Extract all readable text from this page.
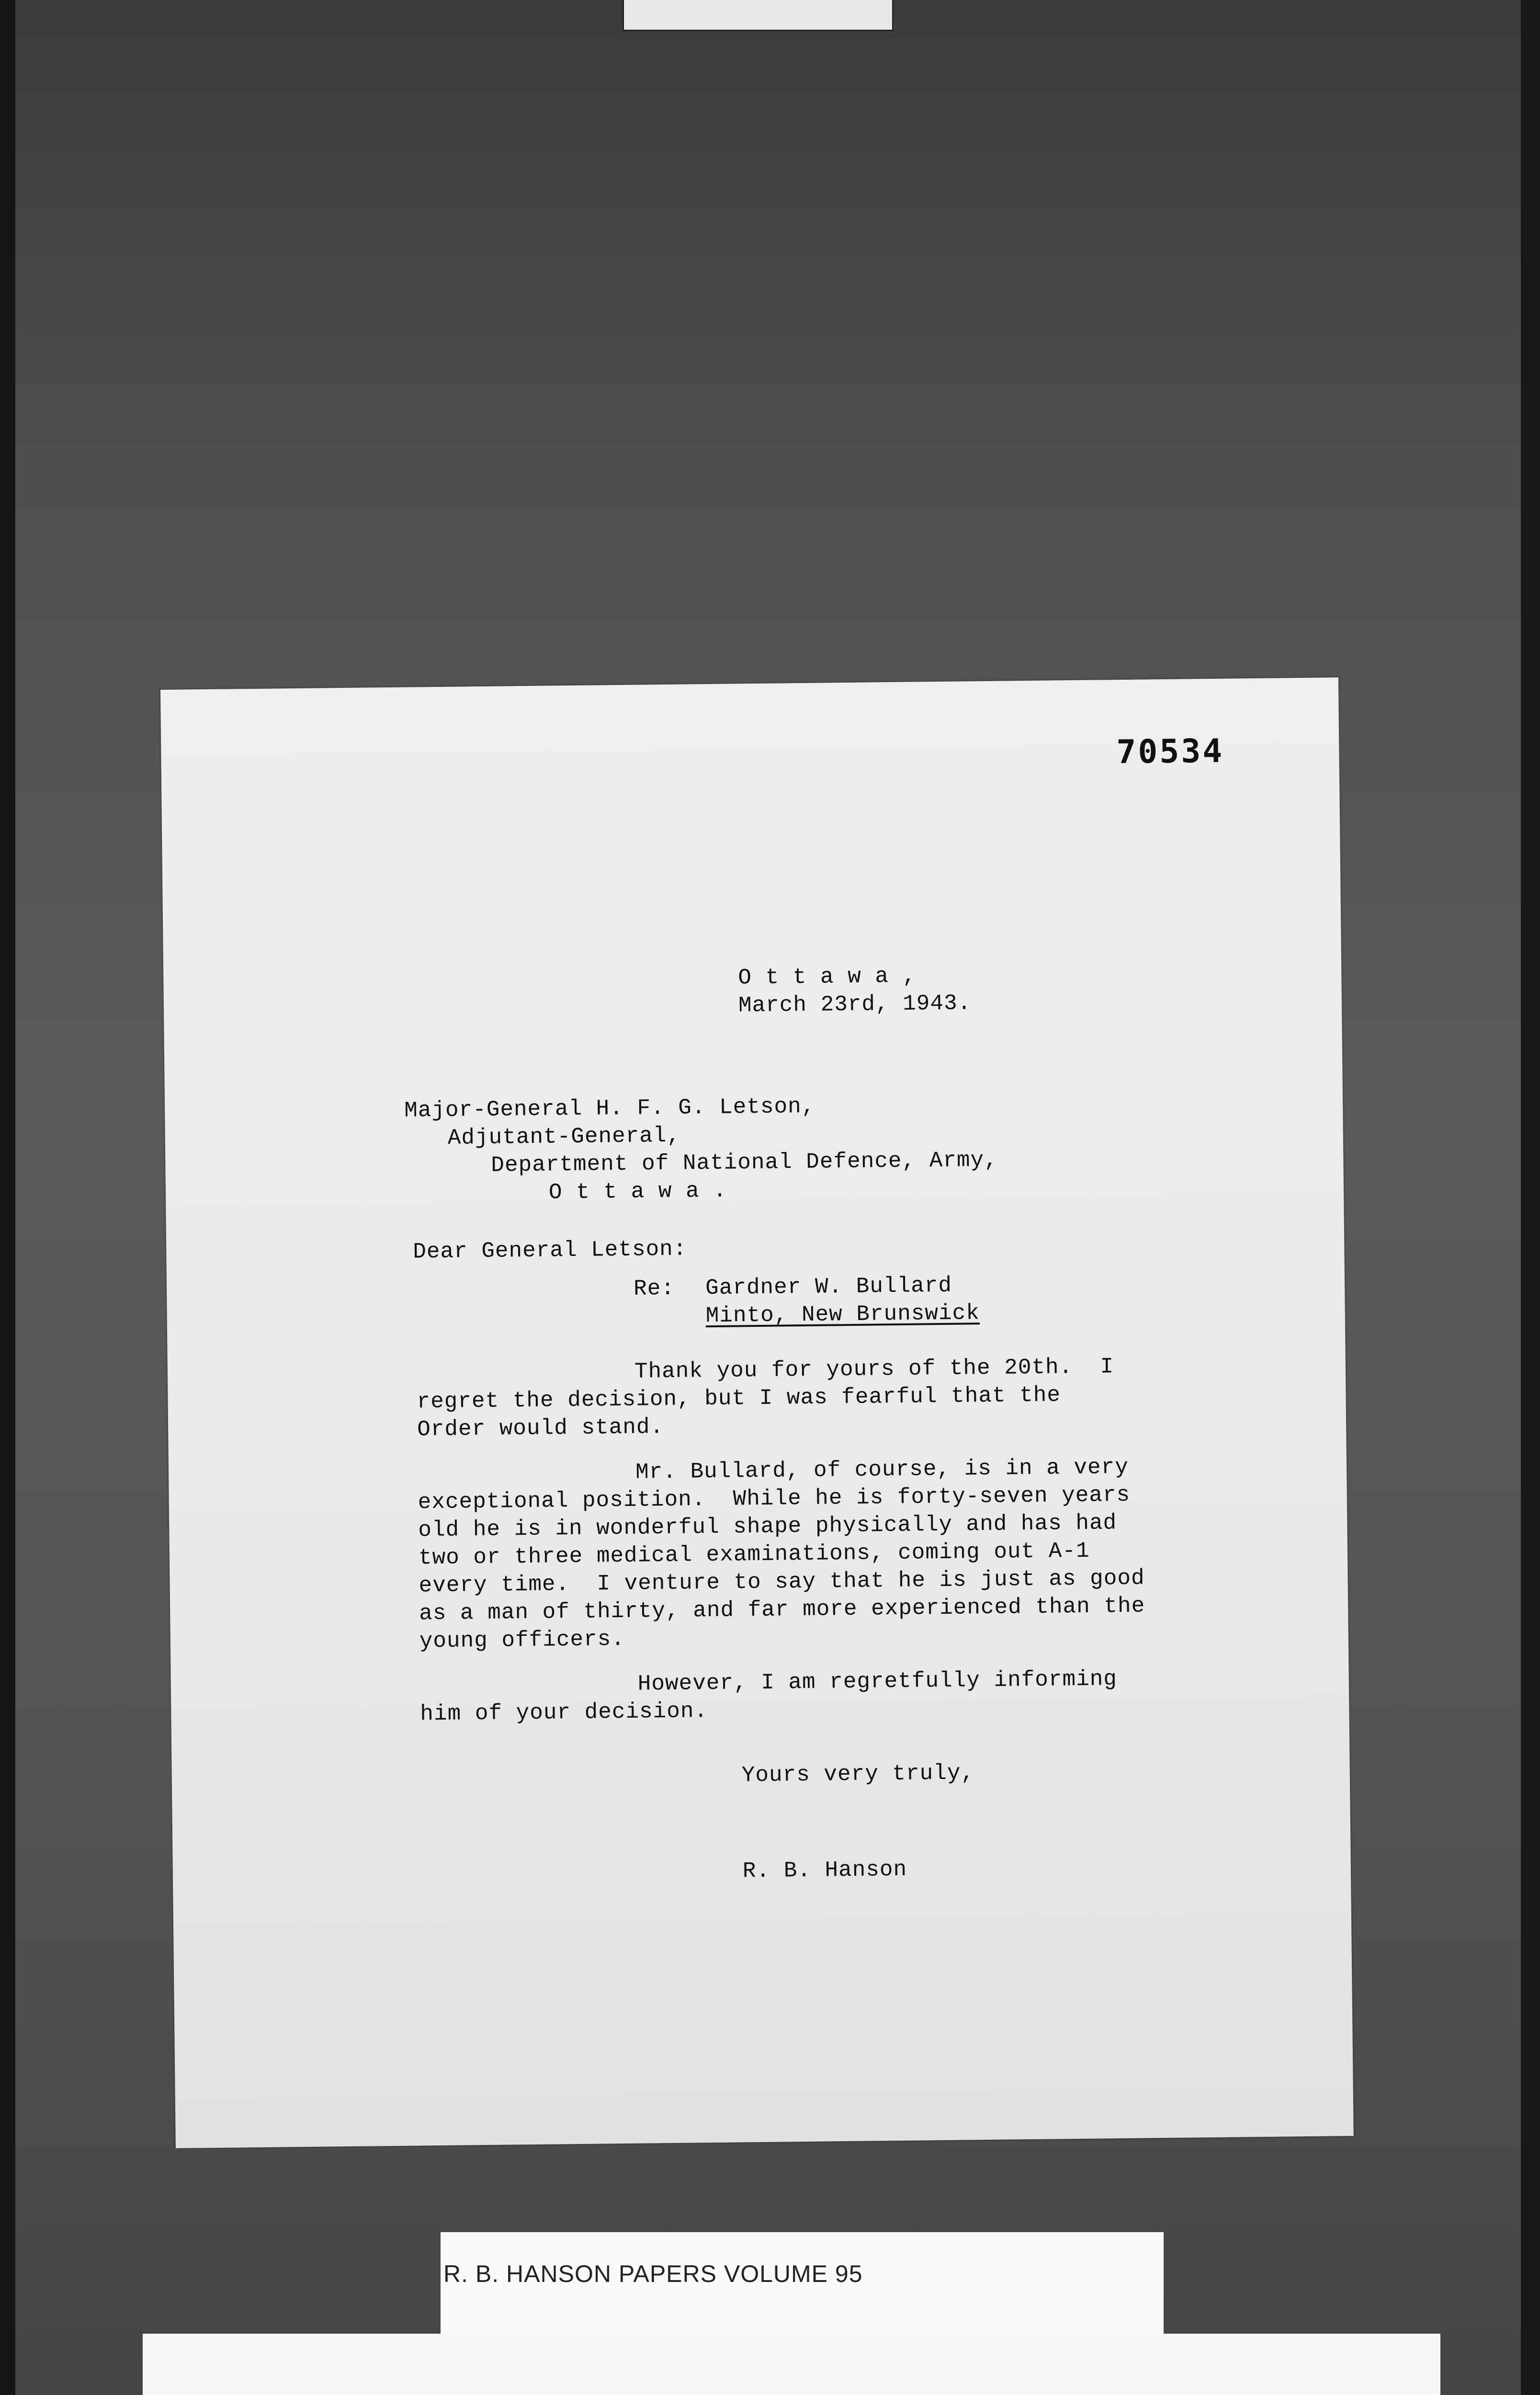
70534
O t t a w a ,
March 23rd, 1943.
Major-General H. F. G. Letson,
Adjutant-General,
Department of National Defence, Army,
O t t a w a .
Dear General Letson:
Re: Gardner W. Bullard
Minto, New Brunswick
Thank you for yours of the 20th.  I
regret the decision, but I was fearful that the
Order would stand.
Mr. Bullard, of course, is in a very
exceptional position.  While he is forty-seven years
old he is in wonderful shape physically and has had
two or three medical examinations, coming out A-1
every time.  I venture to say that he is just as good
as a man of thirty, and far more experienced than the
young officers.
However, I am regretfully informing
him of your decision.
Yours very truly,
R. B. Hanson
R. B. HANSON PAPERS VOLUME 95
